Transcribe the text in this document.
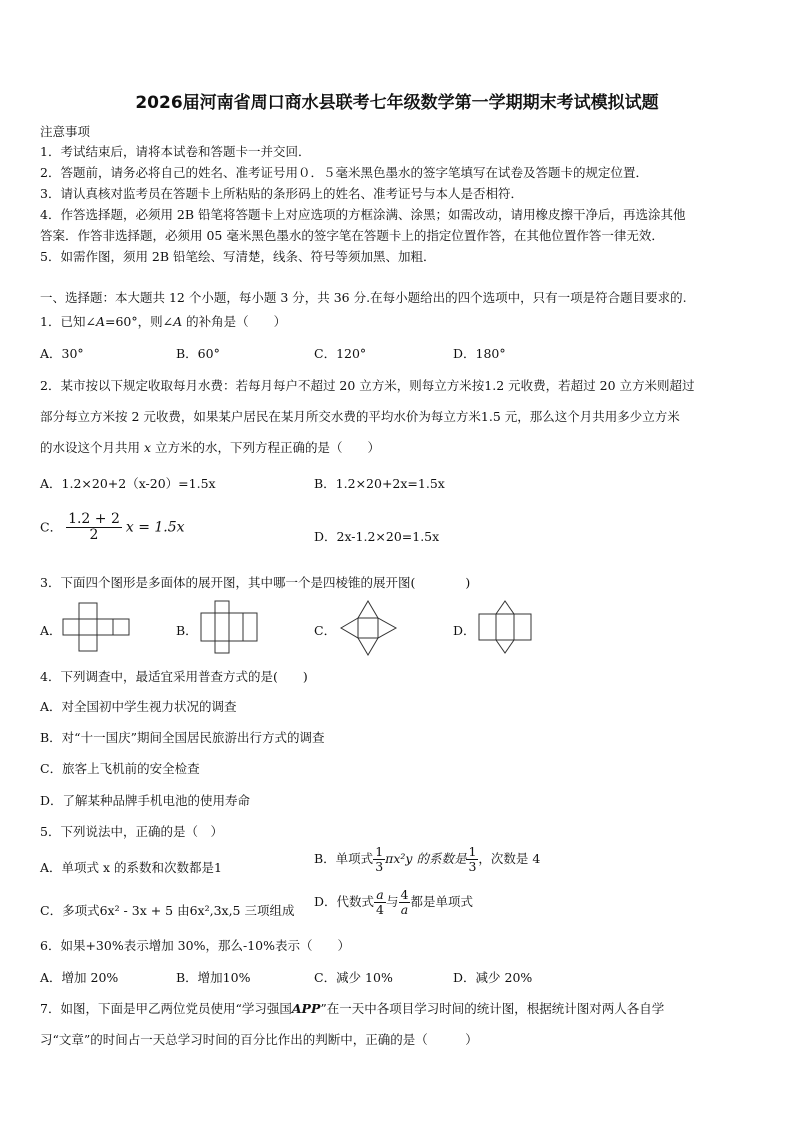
2026届河南省周口商水县联考七年级数学第一学期期末考试模拟试题
注意事项
1．考试结束后，请将本试卷和答题卡一并交回．
2．答题前，请务必将自己的姓名、准考证号用０．５毫米黑色墨水的签字笔填写在试卷及答题卡的规定位置．
3．请认真核对监考员在答题卡上所粘贴的条形码上的姓名、准考证号与本人是否相符．
4．作答选择题，必须用 2B 铅笔将答题卡上对应选项的方框涂满、涂黑；如需改动，请用橡皮擦干净后，再选涂其他
答案．作答非选择题，必须用 05 毫米黑色墨水的签字笔在答题卡上的指定位置作答，在其他位置作答一律无效．
5．如需作图，须用 2B 铅笔绘、写清楚，线条、符号等须加黑、加粗．
一、选择题：本大题共 12 个小题，每小题 3 分，共 36 分.在每小题给出的四个选项中，只有一项是符合题目要求的.
1．已知∠A=60°，则∠A 的补角是（　　）
A．30°	B．60°	C．120°	D．180°
2．某市按以下规定收取每月水费：若每月每户不超过 20 立方米，则每立方米按1.2 元收费，若超过 20 立方米则超过
部分每立方米按 2 元收费，如果某户居民在某月所交水费的平均水价为每立方米1.5 元，那么这个月共用多少立方米
的水设这个月共用 x 立方米的水，下列方程正确的是（　　）
A．1.2×20+2（x-20）=1.5x	B．1.2×20+2x=1.5x
C． $\frac{1.2 + 2}{2}$ x = 1.5x
D．2x-1.2×20=1.5x
3．下面四个图形是多面体的展开图，其中哪一个是四棱锥的展开图(　　　　)
A．	B．	C．	D．
4．下列调查中，最适宜采用普查方式的是(　　)
A．对全国初中学生视力状况的调查
B．对“十一国庆”期间全国居民旅游出行方式的调查
C．旅客上飞机前的安全检查
D．了解某种品牌手机电池的使用寿命
5．下列说法中，正确的是（　）
A．单项式 x 的系数和次数都是1
B．单项式 $\frac{1}{3} \pi x^2y$ 的系数是 $\frac{1}{3}$ ，次数是 4
C．多项式6x² - 3x + 5 由6x²,3x,5 三项组成
D．代数式 $\frac{a}{4}$ 与 $\frac{4}{a}$ 都是单项式
6．如果+30%表示增加 30%，那么-10%表示（　　）
A．增加 20%	B．增加10%	C．减少 10%	D．减少 20%
7．如图，下面是甲乙两位党员使用“学习强国APP”在一天中各项目学习时间的统计图，根据统计图对两人各自学
习“文章”的时间占一天总学习时间的百分比作出的判断中，正确的是（　　　）
